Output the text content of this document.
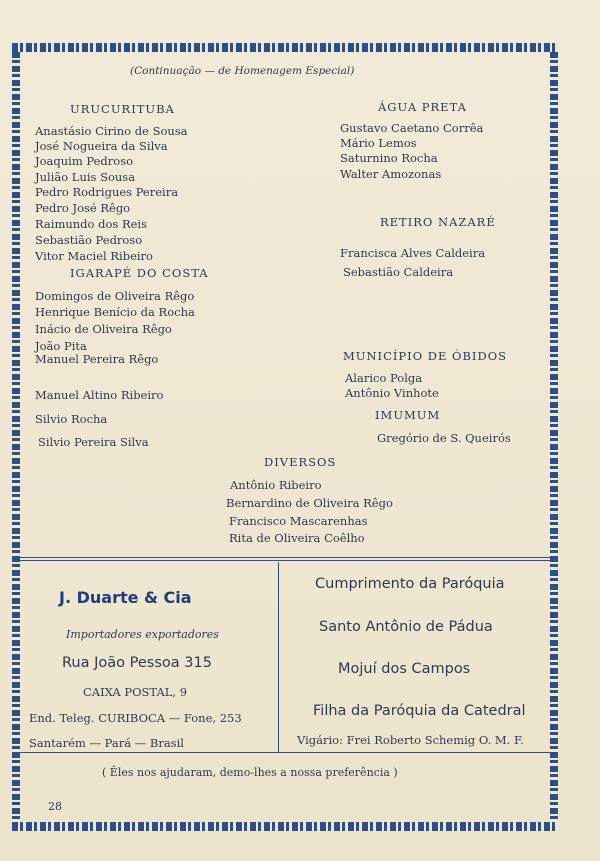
(Continuação — de Homenagem Especial)
URUCURITUBA
Anastásio Cirino de Sousa
José Nogueira da Silva
Joaquim Pedroso
Julião Luis Sousa
Pedro Rodrigues Pereira
Pedro José Rêgo
Raimundo dos Reis
Sebastião Pedroso
Vitor Maciel Ribeiro
IGARAPÉ DO COSTA
Domingos de Oliveira Rêgo
Henrique Benício da Rocha
Inácio de Oliveira Rêgo
João Pita
Manuel Pereira Rêgo
Manuel Altino Ribeiro
Silvio Rocha
Silvio Pereira Silva
ÁGUA PRETA
Gustavo Caetano Corrêa
Mário Lemos
Saturnino Rocha
Walter Amozonas
RETIRO NAZARÉ
Francisca Alves Caldeira
Sebastião Caldeira
MUNICÍPIO DE ÓBIDOS
Alarico Polga
Antônio Vinhote
IMUMUM
Gregório de S. Queirós
DIVERSOS
Antônio Ribeiro
Bernardino de Oliveira Rêgo
Francisco Mascarenhas
Rita de Oliveira Coêlho
J. Duarte & Cia
Importadores exportadores
Rua João Pessoa 315
CAIXA POSTAL, 9
End. Teleg. CURIBOCA — Fone, 253
Santarém — Pará — Brasil
Cumprimento da Paróquia
Santo Antônio de Pádua
Mojuí dos Campos
Filha da Paróquia da Catedral
Vigário: Frei Roberto Schemig O. M. F.
( Êles nos ajudaram, demo-lhes a nossa preferência )
28
